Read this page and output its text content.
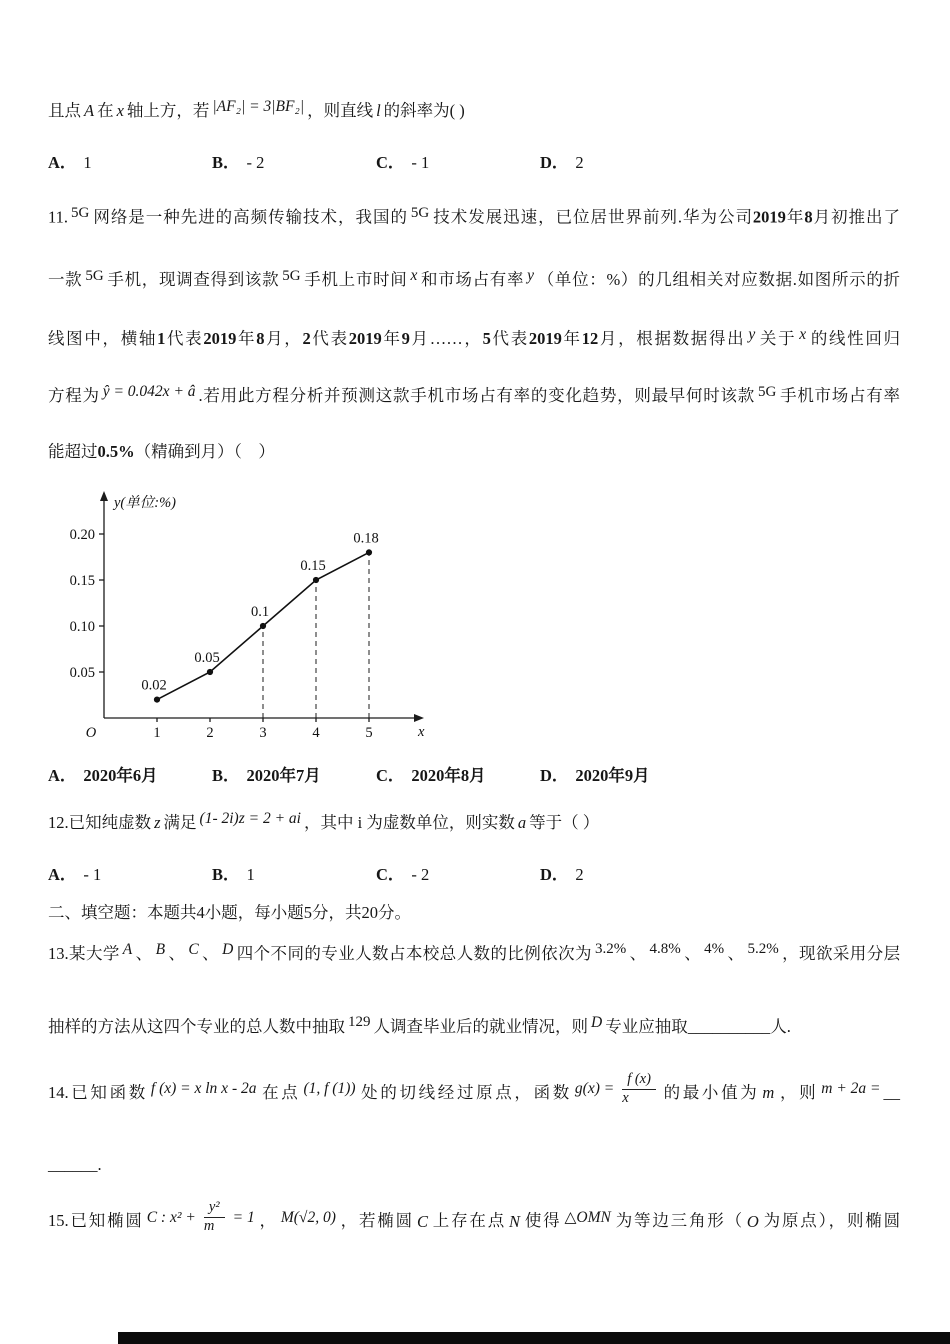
且点 A 在 x 轴上方，若 |AF₂| = 3|BF₂| ，则直线 l 的斜率为( )
A． 1	B． - 2	C． - 1	D． 2
11. 5G 网络是一种先进的高频传输技术，我国的 5G 技术发展迅速，已位居世界前列.华为公司2019年8月初推出了
一款 5G 手机，现调查得到该款 5G 手机上市时间 x 和市场占有率 y （单位：%）的几组相关对应数据.如图所示的折
线图中，横轴1代表2019年8月，2代表2019年9月……，5代表2019年12月，根据数据得出 y 关于 x 的线性回归
方程为 ŷ = 0.042x + â .若用此方程分析并预测这款手机市场占有率的变化趋势，则最早何时该款 5G 手机市场占有率
能超过0.5%（精确到月）（　）
y(单位:%)
x
O
0.05
0.10
0.15
0.20
1	2	3	4	5
0.02
0.05
0.1
0.15
0.18
A． 2020年6月	B． 2020年7月	C． 2020年8月	D． 2020年9月
12.已知纯虚数 z 满足 (1- 2i)z = 2 + ai ，其中 i 为虚数单位，则实数 a 等于（ ）
A． - 1	B． 1	C． - 2	D． 2
二、填空题：本题共4小题，每小题5分，共20分。
13.某大学 A 、 B 、 C 、 D 四个不同的专业人数占本校总人数的比例依次为 3.2% 、 4.8% 、 4% 、 5.2% ，现欲采用分层
抽样的方法从这四个专业的总人数中抽取 129 人调查毕业后的就业情况，则 D 专业应抽取__________人.
14.已知函数 f (x) = x ln x - 2a 在点 (1, f (1)) 处的切线经过原点，函数 $g(x) = \frac{f (x)}{x}$ 的最小值为 m ，则 m + 2a = __
______.
15.已知椭圆 C : $x^2 + \frac{\text{y²}}{m} = 1$ ， M(√2, 0) ，若椭圆 C 上存在点 N 使得 △OMN 为等边三角形（ O 为原点），则椭圆
